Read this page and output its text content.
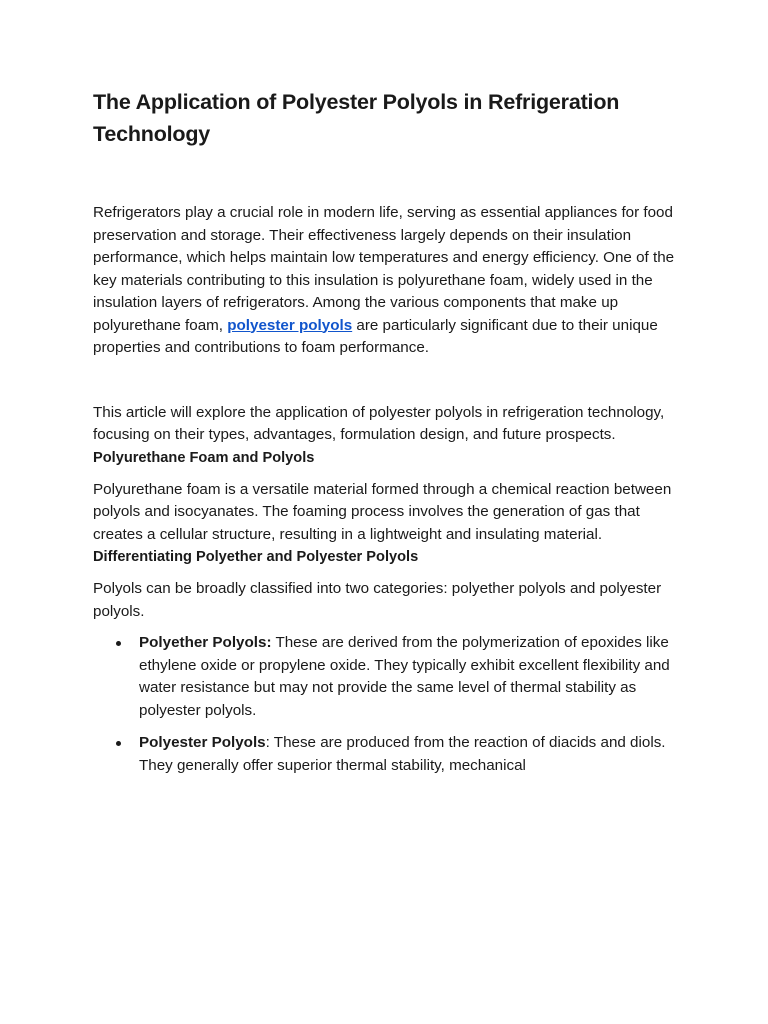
The Application of Polyester Polyols in Refrigeration Technology

Refrigerators play a crucial role in modern life, serving as essential appliances for food preservation and storage. Their effectiveness largely depends on their insulation performance, which helps maintain low temperatures and energy efficiency. One of the key materials contributing to this insulation is polyurethane foam, widely used in the insulation layers of refrigerators. Among the various components that make up polyurethane foam, polyester polyols are particularly significant due to their unique properties and contributions to foam performance.

This article will explore the application of polyester polyols in refrigeration technology, focusing on their types, advantages, formulation design, and future prospects.

Polyurethane Foam and Polyols

Polyurethane foam is a versatile material formed through a chemical reaction between polyols and isocyanates. The foaming process involves the generation of gas that creates a cellular structure, resulting in a lightweight and insulating material.

Differentiating Polyether and Polyester Polyols

Polyols can be broadly classified into two categories: polyether polyols and polyester polyols.

Polyether Polyols: These are derived from the polymerization of epoxides like ethylene oxide or propylene oxide. They typically exhibit excellent flexibility and water resistance but may not provide the same level of thermal stability as polyester polyols.
Polyester Polyols: These are produced from the reaction of diacids and diols. They generally offer superior thermal stability, mechanical
